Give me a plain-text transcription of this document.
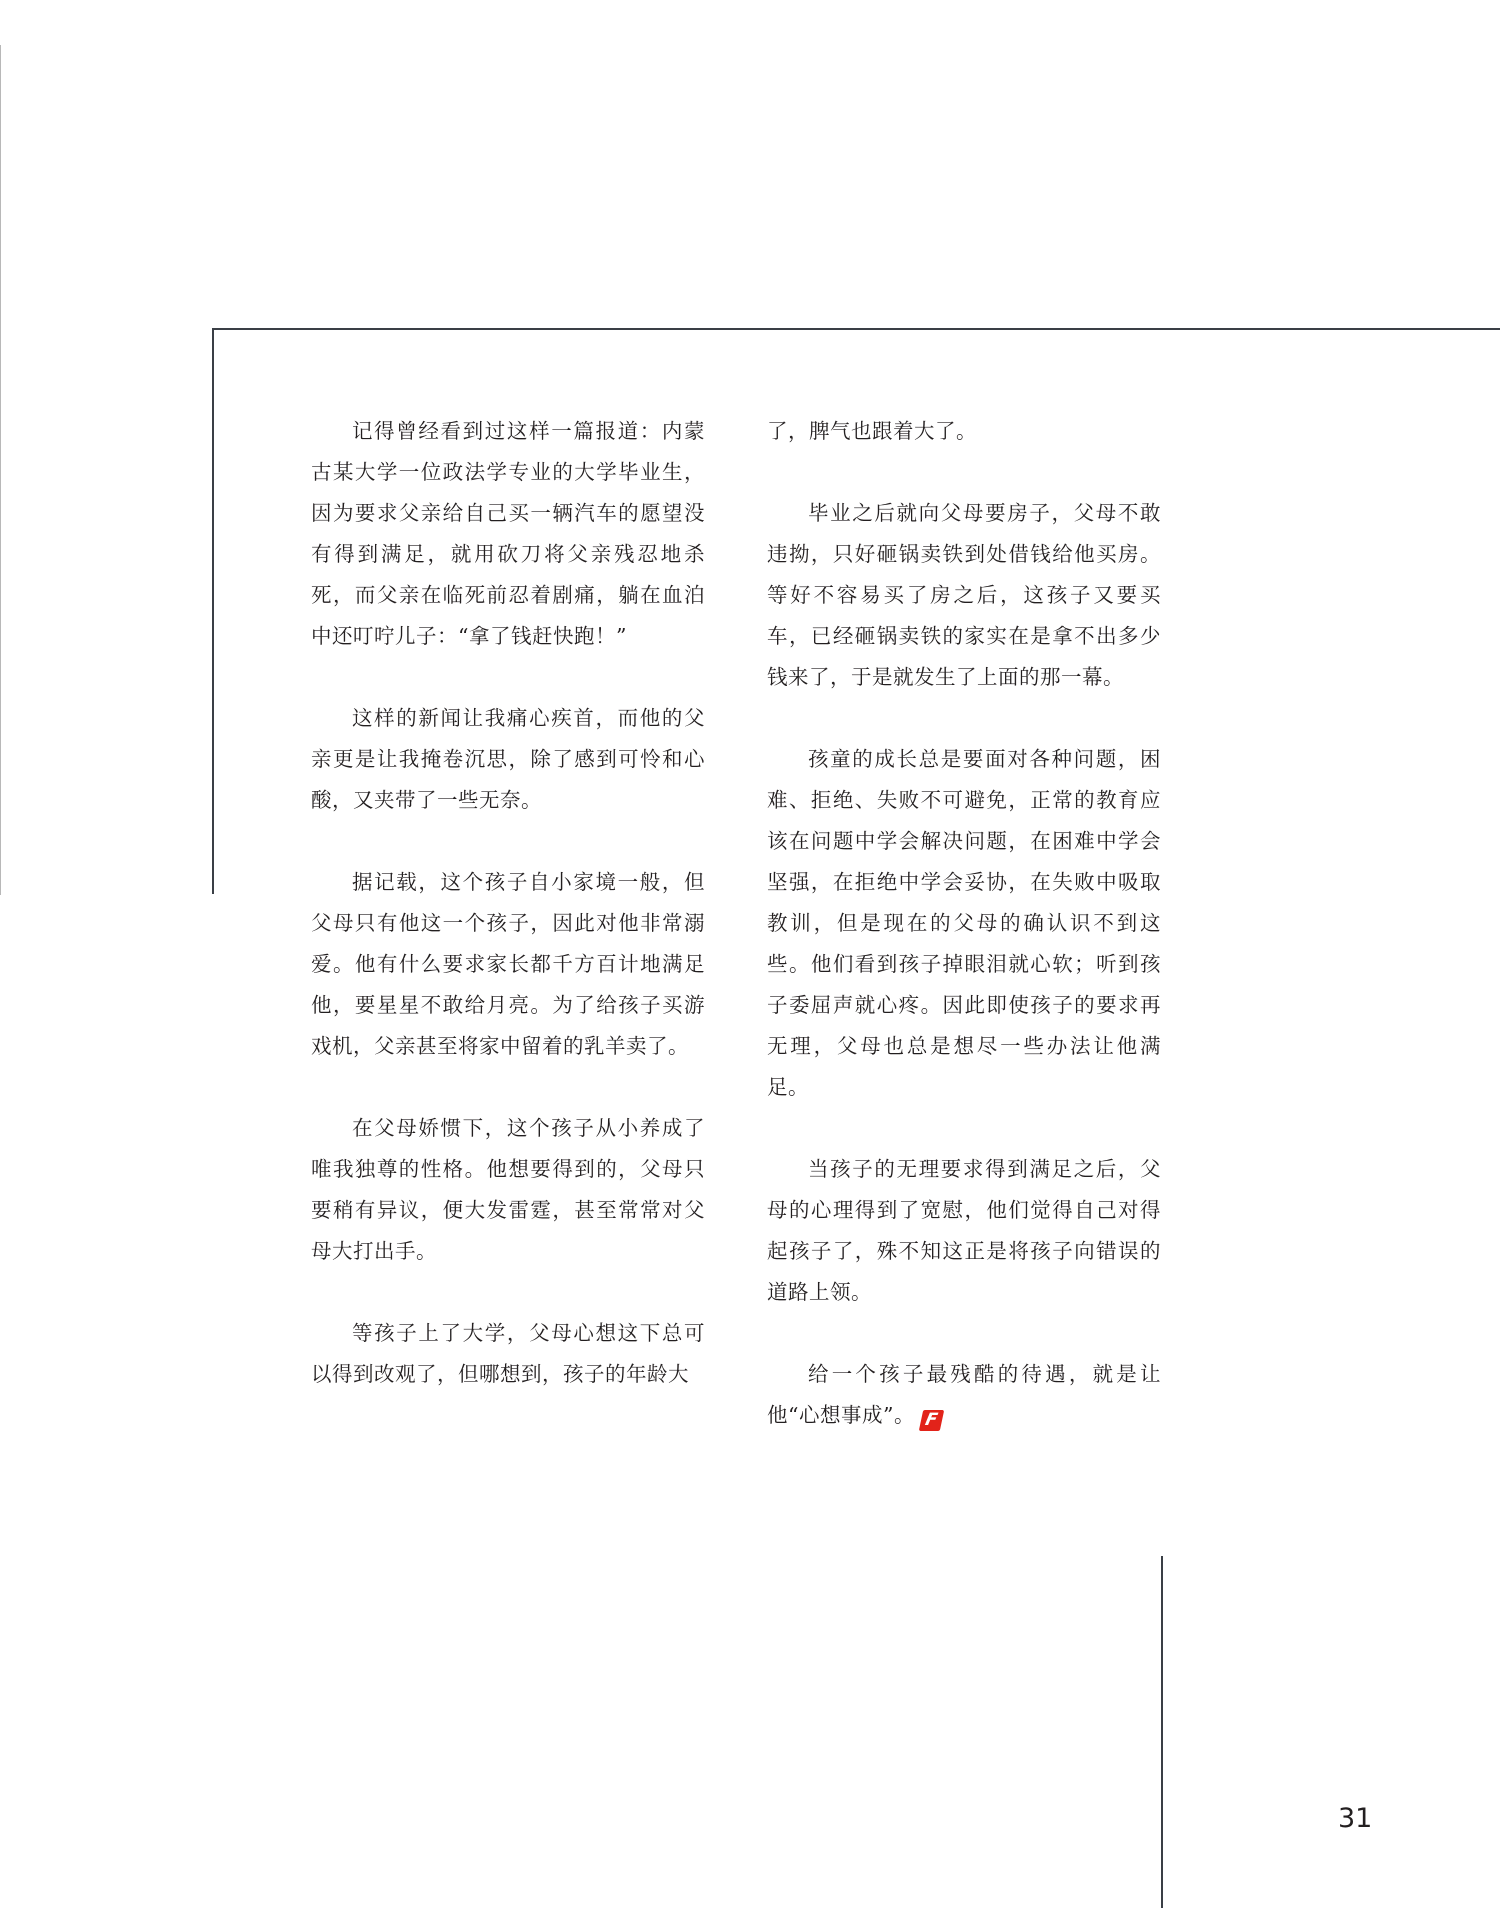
记得曾经看到过这样一篇报道：内蒙古某大学一位政法学专业的大学毕业生，因为要求父亲给自己买一辆汽车的愿望没有得到满足，就用砍刀将父亲残忍地杀死，而父亲在临死前忍着剧痛，躺在血泊中还叮咛儿子：“拿了钱赶快跑！”

这样的新闻让我痛心疾首，而他的父亲更是让我掩卷沉思，除了感到可怜和心酸，又夹带了一些无奈。

据记载，这个孩子自小家境一般，但父母只有他这一个孩子，因此对他非常溺爱。他有什么要求家长都千方百计地满足他，要星星不敢给月亮。为了给孩子买游戏机，父亲甚至将家中留着的乳羊卖了。

在父母娇惯下，这个孩子从小养成了唯我独尊的性格。他想要得到的，父母只要稍有异议，便大发雷霆，甚至常常对父母大打出手。

等孩子上了大学，父母心想这下总可以得到改观了，但哪想到，孩子的年龄大

了，脾气也跟着大了。

毕业之后就向父母要房子，父母不敢违拗，只好砸锅卖铁到处借钱给他买房。等好不容易买了房之后，这孩子又要买车，已经砸锅卖铁的家实在是拿不出多少钱来了，于是就发生了上面的那一幕。

孩童的成长总是要面对各种问题，困难、拒绝、失败不可避免，正常的教育应该在问题中学会解决问题，在困难中学会坚强，在拒绝中学会妥协，在失败中吸取教训，但是现在的父母的确认识不到这些。他们看到孩子掉眼泪就心软；听到孩子委屈声就心疼。因此即使孩子的要求再无理，父母也总是想尽一些办法让他满足。

当孩子的无理要求得到满足之后，父母的心理得到了宽慰，他们觉得自己对得起孩子了，殊不知这正是将孩子向错误的道路上领。

给一个孩子最残酷的待遇，就是让他“心想事成”。 F

31
